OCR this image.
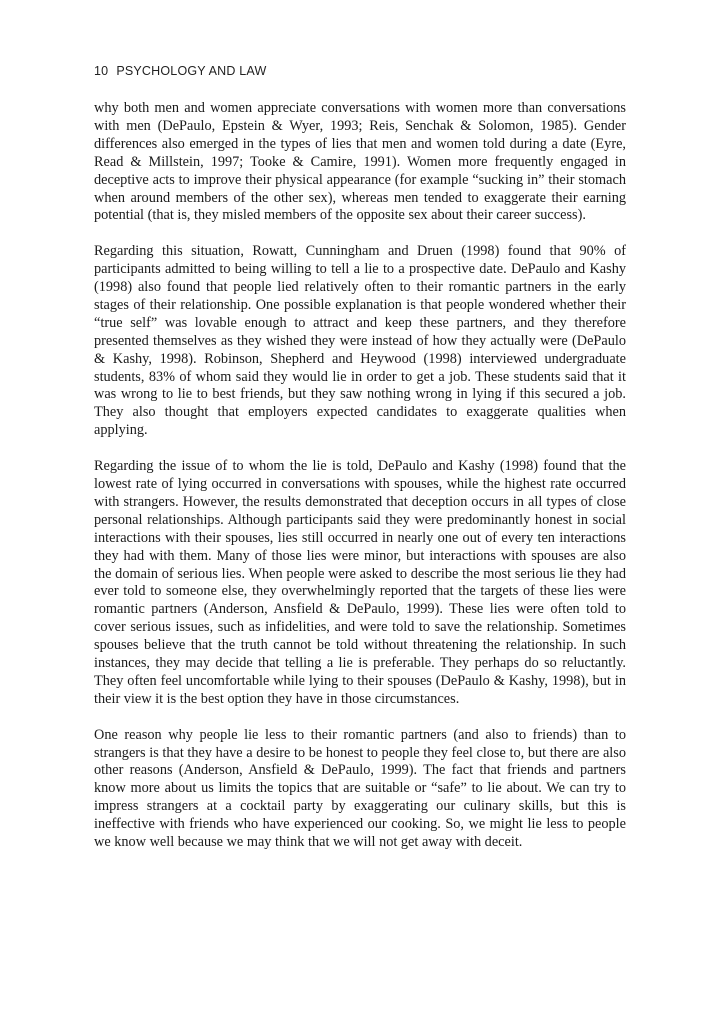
10 PSYCHOLOGY AND LAW

why both men and women appreciate conversations with women more than conversations with men (DePaulo, Epstein & Wyer, 1993; Reis, Senchak & Solomon, 1985). Gender differences also emerged in the types of lies that men and women told during a date (Eyre, Read & Millstein, 1997; Tooke & Camire, 1991). Women more frequently engaged in deceptive acts to improve their physical appearance (for example “sucking in” their stomach when around members of the other sex), whereas men tended to exaggerate their earning potential (that is, they misled members of the opposite sex about their career success).

Regarding this situation, Rowatt, Cunningham and Druen (1998) found that 90% of participants admitted to being willing to tell a lie to a prospective date. DePaulo and Kashy (1998) also found that people lied relatively often to their romantic partners in the early stages of their relationship. One possible explanation is that people wondered whether their “true self” was lovable enough to attract and keep these partners, and they therefore presented themselves as they wished they were instead of how they actually were (DePaulo & Kashy, 1998). Robinson, Shepherd and Heywood (1998) interviewed undergraduate students, 83% of whom said they would lie in order to get a job. These students said that it was wrong to lie to best friends, but they saw nothing wrong in lying if this secured a job. They also thought that employers expected candidates to exaggerate qualities when applying.

Regarding the issue of to whom the lie is told, DePaulo and Kashy (1998) found that the lowest rate of lying occurred in conversations with spouses, while the highest rate occurred with strangers. However, the results demonstrated that deception occurs in all types of close personal relationships. Although participants said they were predominantly honest in social interactions with their spouses, lies still occurred in nearly one out of every ten interactions they had with them. Many of those lies were minor, but interactions with spouses are also the domain of serious lies. When people were asked to describe the most serious lie they had ever told to someone else, they overwhelmingly reported that the targets of these lies were romantic partners (Anderson, Ansfield & DePaulo, 1999). These lies were often told to cover serious issues, such as infidelities, and were told to save the relationship. Sometimes spouses believe that the truth cannot be told without threatening the relationship. In such instances, they may decide that telling a lie is preferable. They perhaps do so reluctantly. They often feel uncomfortable while lying to their spouses (DePaulo & Kashy, 1998), but in their view it is the best option they have in those circumstances.

One reason why people lie less to their romantic partners (and also to friends) than to strangers is that they have a desire to be honest to people they feel close to, but there are also other reasons (Anderson, Ansfield & DePaulo, 1999). The fact that friends and partners know more about us limits the topics that are suitable or “safe” to lie about. We can try to impress strangers at a cocktail party by exaggerating our culinary skills, but this is ineffective with friends who have experienced our cooking. So, we might lie less to people we know well because we may think that we will not get away with deceit.
